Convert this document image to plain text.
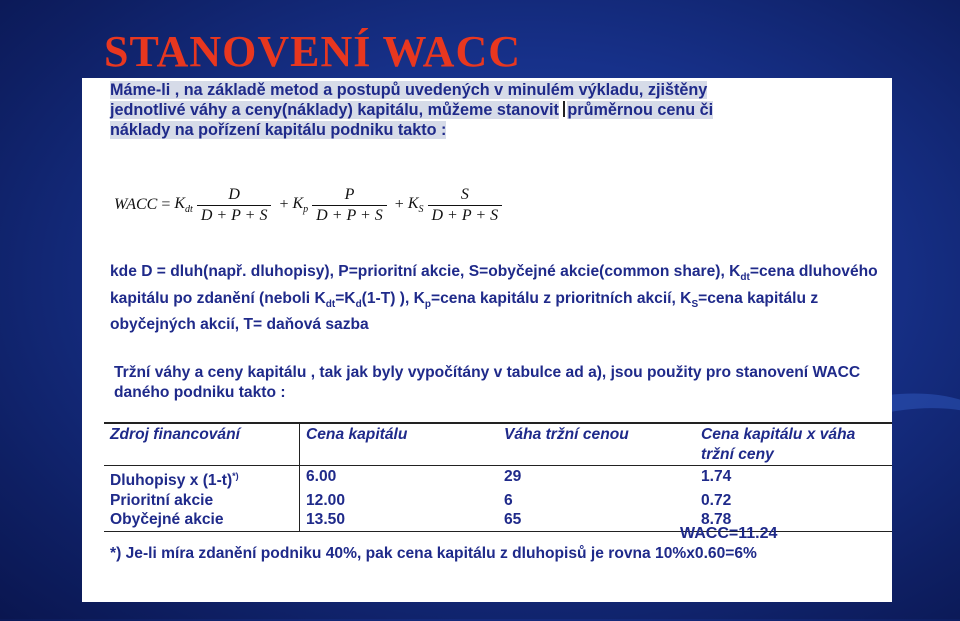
STANOVENÍ WACC
Máme-li , na základě metod a postupů uvedených v minulém výkladu, zjištěny
jednotlivé váhy a ceny(náklady) kapitálu, můžeme stanovit průměrnou cenu či
náklady na pořízení kapitálu podniku takto :
WACC = $K_{dt} \frac{D}{D + P + S} + K_p \frac{P}{D + P + S} + K_S \frac{S}{D + P + S}$
kde D = dluh(např. dluhopisy), P=prioritní akcie, S=obyčejné akcie(common share), $K_{dt}=cena$ dluhového kapitálu po zdanění (neboli $K_{dt}=K_d(1-T)$ ), $K_p=cena$ kapitálu z prioritních akcií, $K_S=cena$ kapitálu z obyčejných akcií, T= daňová sazba
Tržní váhy a ceny kapitálu , tak jak byly vypočítány v tabulce ad a), jsou použity pro stanovení WACC daného podniku takto :
Zdroj financování	Cena kapitálu	Váha tržní cenou	Cena kapitálu x váha tržní ceny
Dluhopisy x (1-t)*)	6.00	29	1.74
Prioritní akcie	12.00	6	0.72
Obyčejné akcie	13.50	65	8.78
WACC=11.24
*) Je-li míra zdanění podniku 40%, pak cena kapitálu z dluhopisů je rovna 10%x0.60=6%
